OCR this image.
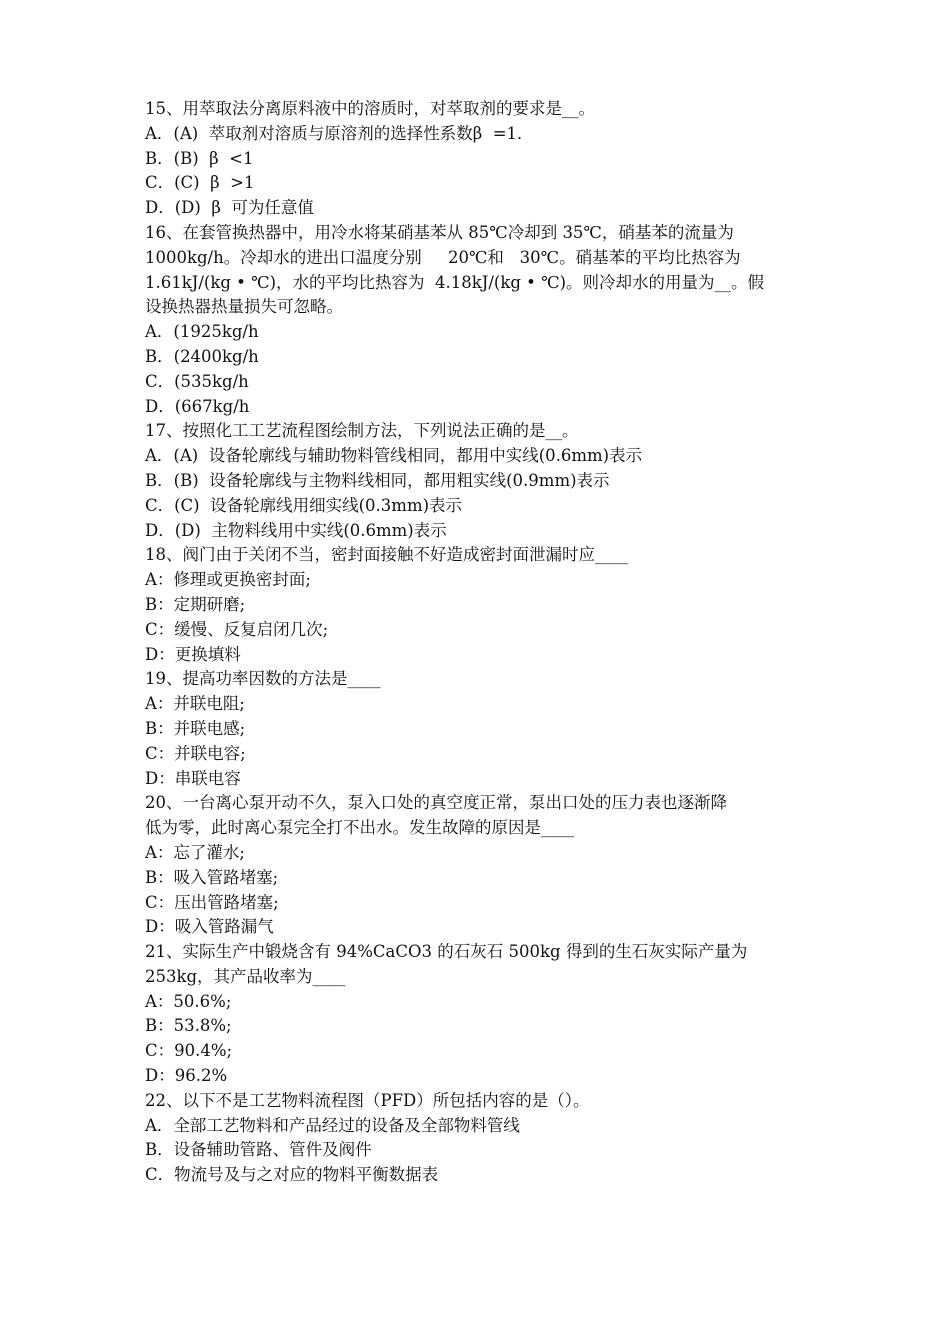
15、用萃取法分离原料液中的溶质时，对萃取剂的要求是__。
A．(A)  萃取剂对溶质与原溶剂的选择性系数β  =1．
B．(B)  β  <1
C．(C)  β  >1
D．(D)  β  可为任意值
16、在套管换热器中，用冷水将某硝基苯从 85℃冷却到 35℃，硝基苯的流量为
1000kg/h。冷却水的进出口温度分别     20℃和   30℃。硝基苯的平均比热容为
1.61kJ/(kg • ℃)，水的平均比热容为  4.18kJ/(kg • ℃)。则冷却水的用量为__。假
设换热器热量损失可忽略。
A．(1925kg/h
B．(2400kg/h
C．(535kg/h
D．(667kg/h
17、按照化工工艺流程图绘制方法，下列说法正确的是__。
A．(A)  设备轮廓线与辅助物料管线相同，都用中实线(0.6mm)表示
B．(B)  设备轮廓线与主物料线相同，都用粗实线(0.9mm)表示
C．(C)  设备轮廓线用细实线(0.3mm)表示
D．(D)  主物料线用中实线(0.6mm)表示
18、阀门由于关闭不当，密封面接触不好造成密封面泄漏时应____
A：修理或更换密封面;
B：定期研磨;
C：缓慢、反复启闭几次;
D：更换填料
19、提高功率因数的方法是____
A：并联电阻;
B：并联电感;
C：并联电容;
D：串联电容
20、一台离心泵开动不久，泵入口处的真空度正常，泵出口处的压力表也逐渐降
低为零，此时离心泵完全打不出水。发生故障的原因是____
A：忘了灌水;
B：吸入管路堵塞;
C：压出管路堵塞;
D：吸入管路漏气
21、实际生产中锻烧含有 94%CaCO3 的石灰石 500kg 得到的生石灰实际产量为
253kg，其产品收率为____
A：50.6%;
B：53.8%;
C：90.4%;
D：96.2%
22、以下不是工艺物料流程图（PFD）所包括内容的是（）。
A．全部工艺物料和产品经过的设备及全部物料管线
B．设备辅助管路、管件及阀件
C．物流号及与之对应的物料平衡数据表
